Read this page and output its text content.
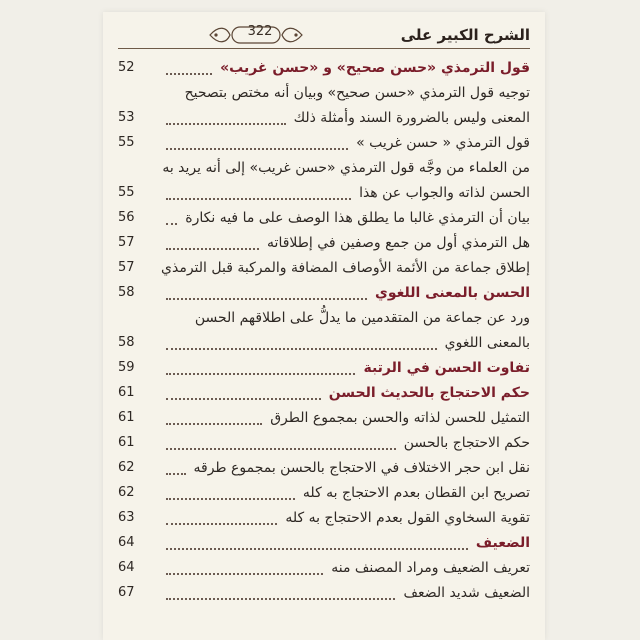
322	الشرح الكبير على
52	قول الترمذي «حسن صحيح» و «حسن غريب»
توجيه قول الترمذي «حسن صحيح» وبيان أنه مختص بتصحيح
53	المعنى وليس بالضرورة السند وأمثلة ذلك
55	قول الترمذي « حسن غريب »
من العلماء من وجَّه قول الترمذي «حسن غريب» إلى أنه يريد به
55	الحسن لذاته والجواب عن هذا
56	بيان أن الترمذي غالبا ما يطلق هذا الوصف على ما فيه نكارة
57	هل الترمذي أول من جمع وصفين في إطلاقاته
57	إطلاق جماعة من الأئمة الأوصاف المضافة والمركبة قبل الترمذي
58	الحسن بالمعنى اللغوي
ورد عن جماعة من المتقدمين ما يدلُّ على اطلاقهم الحسن
58	بالمعنى اللغوي
59	تفاوت الحسن في الرتبة
61	حكم الاحتجاج بالحديث الحسن
61	التمثيل للحسن لذاته والحسن بمجموع الطرق
61	حكم الاحتجاج بالحسن
62	نقل ابن حجر الاختلاف في الاحتجاج بالحسن بمجموع طرقه
62	تصريح ابن القطان بعدم الاحتجاج به كله
63	تقوية السخاوي القول بعدم الاحتجاج به كله
64	الضعيف
64	تعريف الضعيف ومراد المصنف منه
67	الضعيف شديد الضعف
